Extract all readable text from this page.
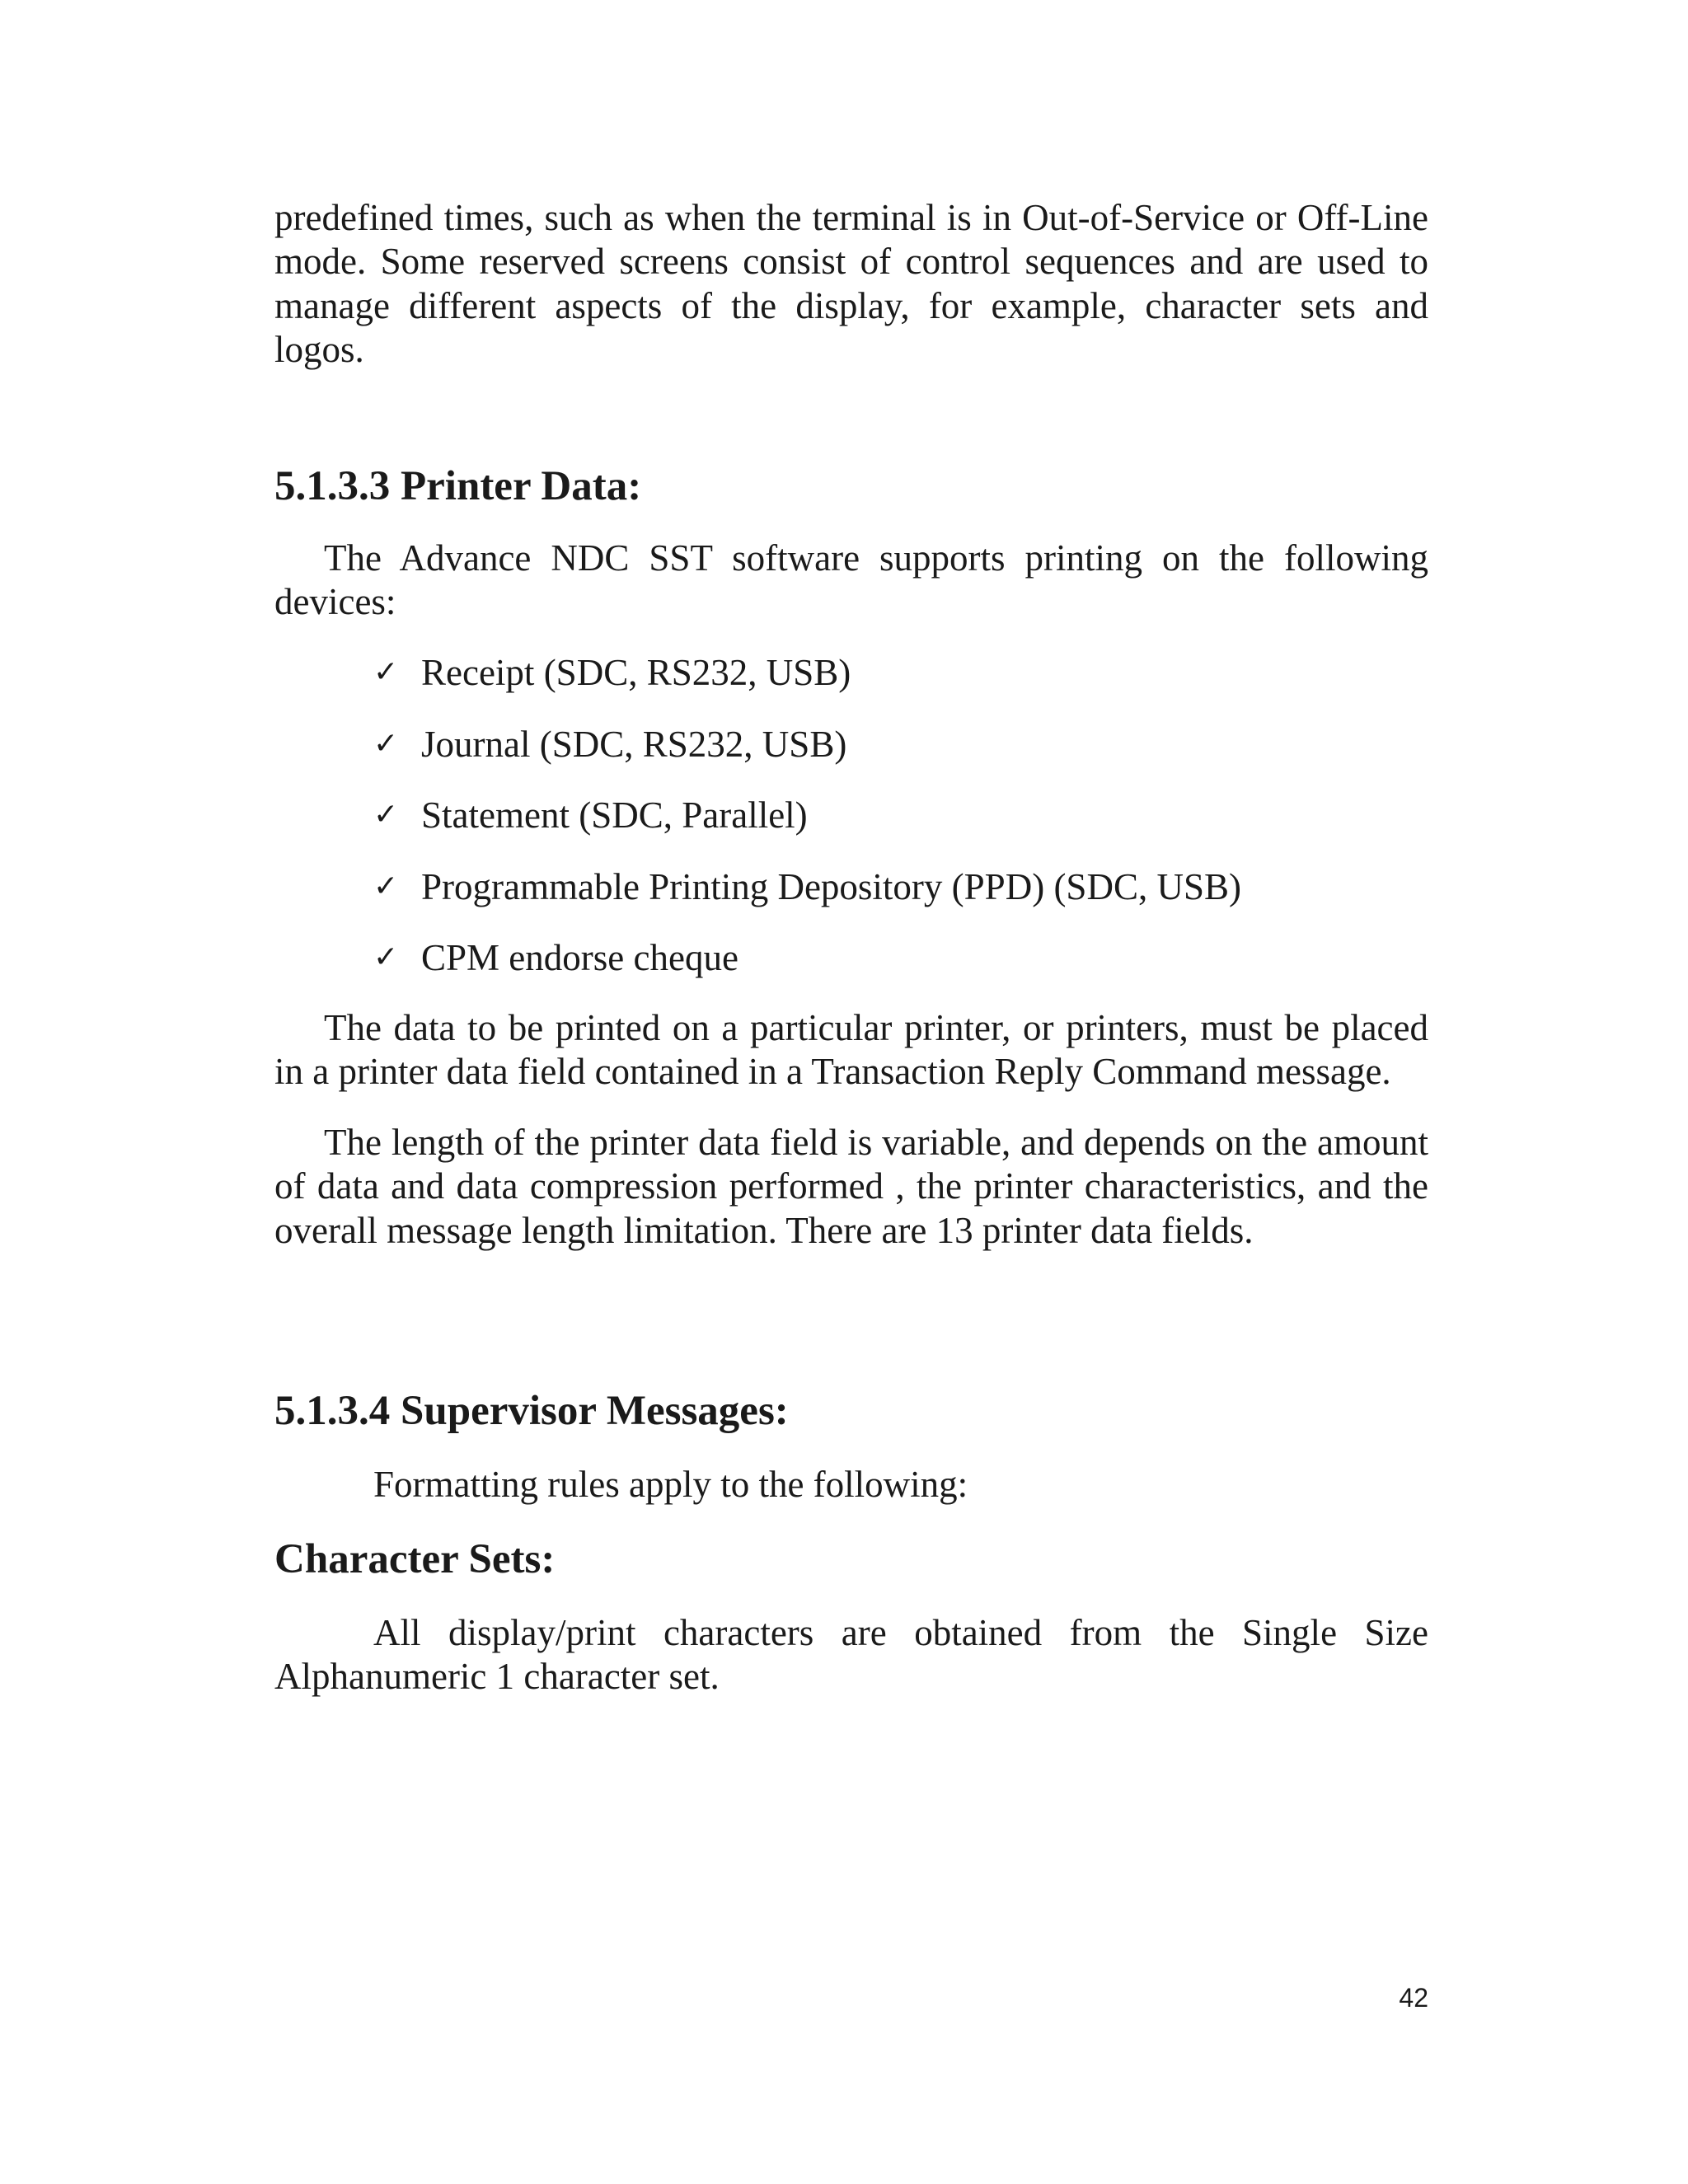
predefined times, such as when the terminal is in Out-of-Service or Off-Line mode. Some reserved screens consist of control sequences and are used to manage different aspects of the display, for example, character sets and logos.

5.1.3.3 Printer Data:

The Advance NDC SST software supports printing on the following devices:

✓ Receipt (SDC, RS232, USB)
✓ Journal (SDC, RS232, USB)
✓ Statement (SDC, Parallel)
✓ Programmable Printing Depository (PPD) (SDC, USB)
✓ CPM endorse cheque

The data to be printed on a particular printer, or printers, must be placed in a printer data field contained in a Transaction Reply Command message.

The length of the printer data field is variable, and depends on the amount of data and data compression performed , the printer characteristics, and the overall message length limitation. There are 13 printer data fields.

5.1.3.4 Supervisor Messages:

Formatting rules apply to the following:

Character Sets:

All display/print characters are obtained from the Single Size Alphanumeric 1 character set.

42
